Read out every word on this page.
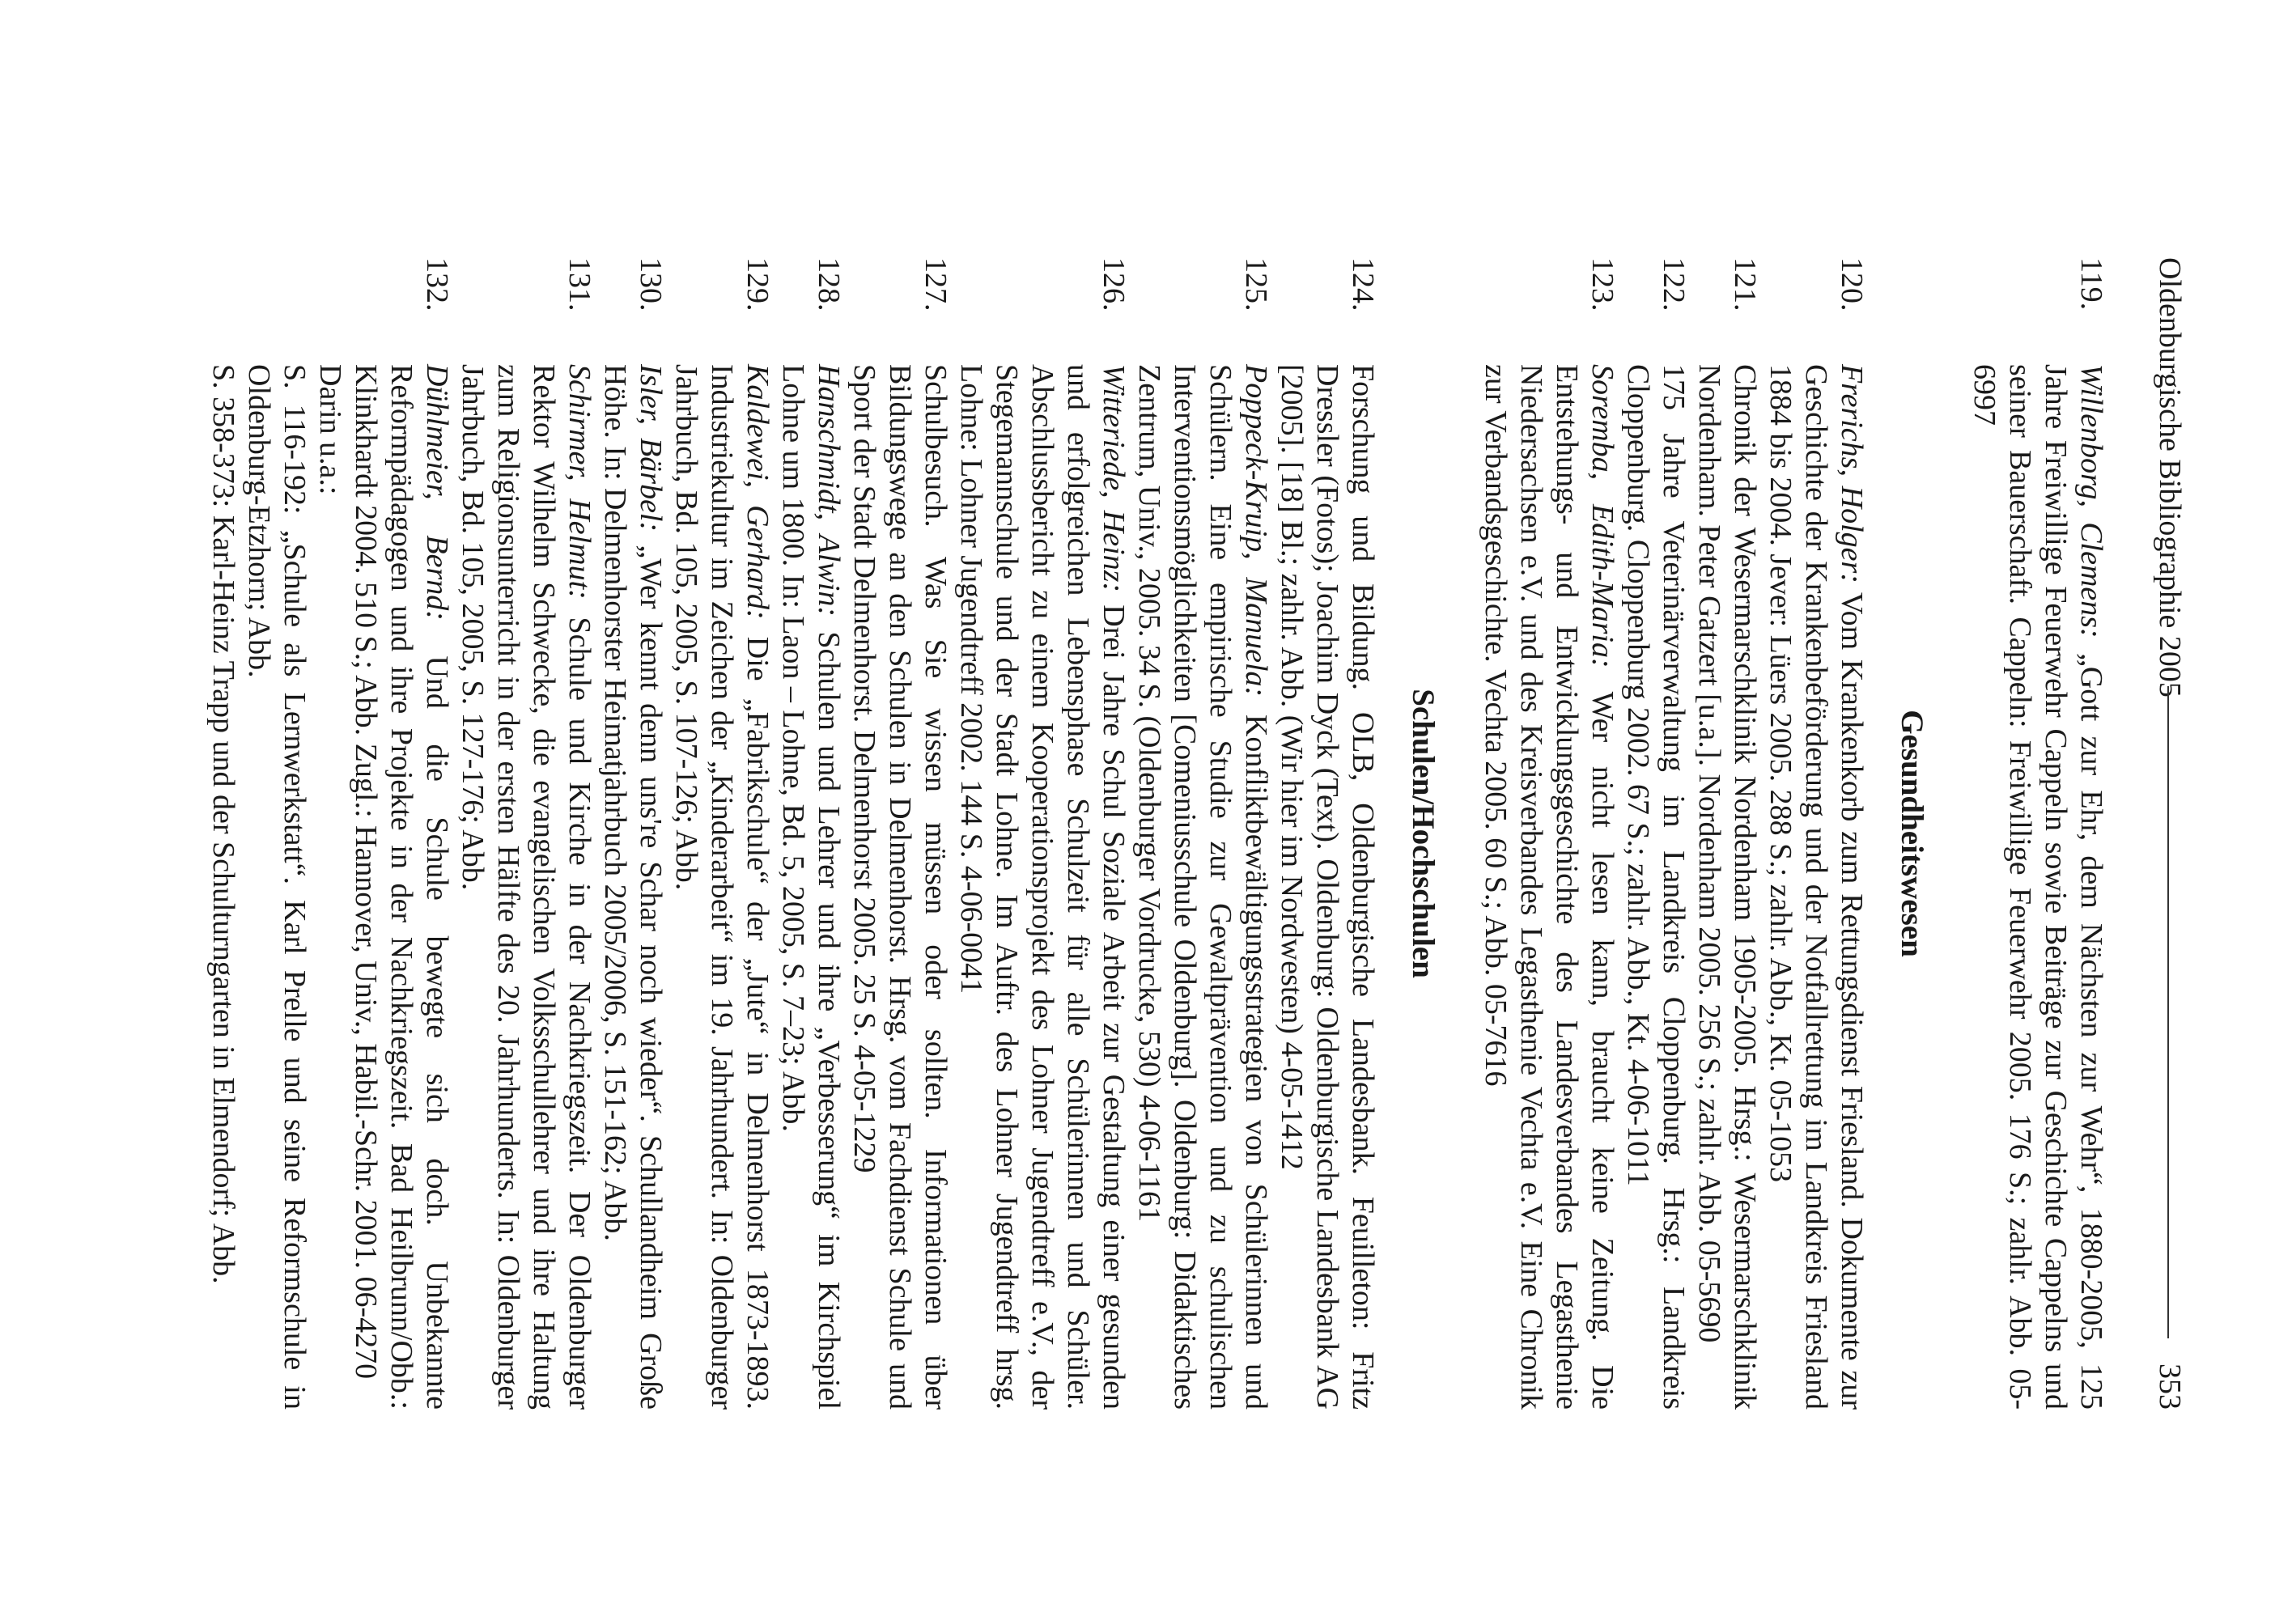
Oldenburgische Bibliographie 2005
353
119.
Willenborg, Clemens: „Gott zur Ehr, dem Nächsten zur Wehr“, 1880-2005, 125 Jahre Freiwillige Feuerwehr Cappeln sowie Beiträge zur Geschichte Cappelns und seiner Bauerschaft. Cappeln: Freiwillige Feuerwehr 2005. 176 S.; zahlr. Abb. 05-6997
Gesundheitswesen
120.
Frerichs, Holger: Vom Krankenkorb zum Rettungsdienst Friesland. Dokumente zur Geschichte der Krankenbeförderung und der Notfallrettung im Landkreis Friesland 1884 bis 2004. Jever: Lüers 2005. 288 S.; zahlr. Abb., Kt. 05-1053
121.
Chronik der Wesermarschklinik Nordenham 1905-2005. Hrsg.: Wesermarschklinik Nordenham. Peter Gatzert [u.a.]. Nordenham 2005. 256 S.; zahlr. Abb. 05-5690
122.
175 Jahre Veterinärverwaltung im Landkreis Cloppenburg. Hrsg.: Landkreis Cloppenburg. Cloppenburg 2002. 67 S.; zahlr. Abb., Kt. 4-06-1011
123.
Soremba, Edith-Maria: Wer nicht lesen kann, braucht keine Zeitung. Die Entstehungs- und Entwicklungsgeschichte des Landesverbandes Legasthenie Niedersachsen e.V. und des Kreisverbandes Legasthenie Vechta e.V. Eine Chronik zur Verbandsgeschichte. Vechta 2005. 60 S.; Abb. 05-7616
Schulen/Hochschulen
124.
Forschung und Bildung. OLB, Oldenburgische Landesbank. Feuilleton: Fritz Dressler (Fotos); Joachim Dyck (Text). Oldenburg: Oldenburgische Landesbank AG [2005]. [18] Bl.; zahlr. Abb. (Wir hier im Nordwesten) 4-05-1412
125.
Poppeck-Kruip, Manuela: Konfliktbewältigungsstrategien von Schülerinnen und Schülern. Eine empirische Studie zur Gewaltprävention und zu schulischen Interventionsmöglichkeiten [Comeniusschule Oldenburg]. Oldenburg: Didaktisches Zentrum, Univ., 2005. 34 S. (Oldenburger Vordrucke, 530) 4-06-1161
126.
Witteriede, Heinz: Drei Jahre Schul Soziale Arbeit zur Gestaltung einer gesunden und erfolgreichen Lebensphase Schulzeit für alle Schülerinnen und Schüler. Abschlussbericht zu einem Kooperationsprojekt des Lohner Jugendtreff e.V., der Stegemannschule und der Stadt Lohne. Im Auftr. des Lohner Jugendtreff hrsg. Lohne: Lohner Jugendtreff 2002. 144 S. 4-06-0041
127.
Schulbesuch. Was Sie wissen müssen oder sollten. Informationen über Bildungswege an den Schulen in Delmenhorst. Hrsg. vom Fachdienst Schule und Sport der Stadt Delmenhorst. Delmenhorst 2005. 25 S. 4-05-1229
128.
Hanschmidt, Alwin: Schulen und Lehrer und ihre „Verbesserung“ im Kirchspiel Lohne um 1800. In: Laon – Lohne, Bd. 5, 2005, S. 7–23; Abb.
129.
Kaldewei, Gerhard: Die „Fabrikschule“ der „Jute“ in Delmenhorst 1873-1893. Industriekultur im Zeichen der „Kinderarbeit“ im 19. Jahrhundert. In: Oldenburger Jahrbuch, Bd. 105, 2005, S. 107-126; Abb.
130.
Isler, Bärbel: „Wer kennt denn uns're Schar noch wieder“. Schullandheim Große Höhe. In: Delmenhorster Heimatjahrbuch 2005/2006, S. 151-162; Abb.
131.
Schirmer, Helmut: Schule und Kirche in der Nachkriegszeit. Der Oldenburger Rektor Wilhelm Schwecke, die evangelischen Volksschullehrer und ihre Haltung zum Religionsunterricht in der ersten Hälfte des 20. Jahrhunderts. In: Oldenburger Jahrbuch, Bd. 105, 2005, S. 127-176; Abb.
132.
Dühlmeier, Bernd: Und die Schule bewegte sich doch. Unbekannte Reformpädagogen und ihre Projekte in der Nachkriegszeit. Bad Heilbrunn/Obb.: Klinkhardt 2004. 510 S.; Abb. Zugl.: Hannover, Univ., Habil.-Schr. 2001. 06-4270
Darin u.a.:
S. 116-192: „Schule als Lernwerkstatt“. Karl Prelle und seine Reformschule in Oldenburg-Etzhorn; Abb.
S. 358-373: Karl-Heinz Trapp und der Schulturngarten in Elmendorf; Abb.
